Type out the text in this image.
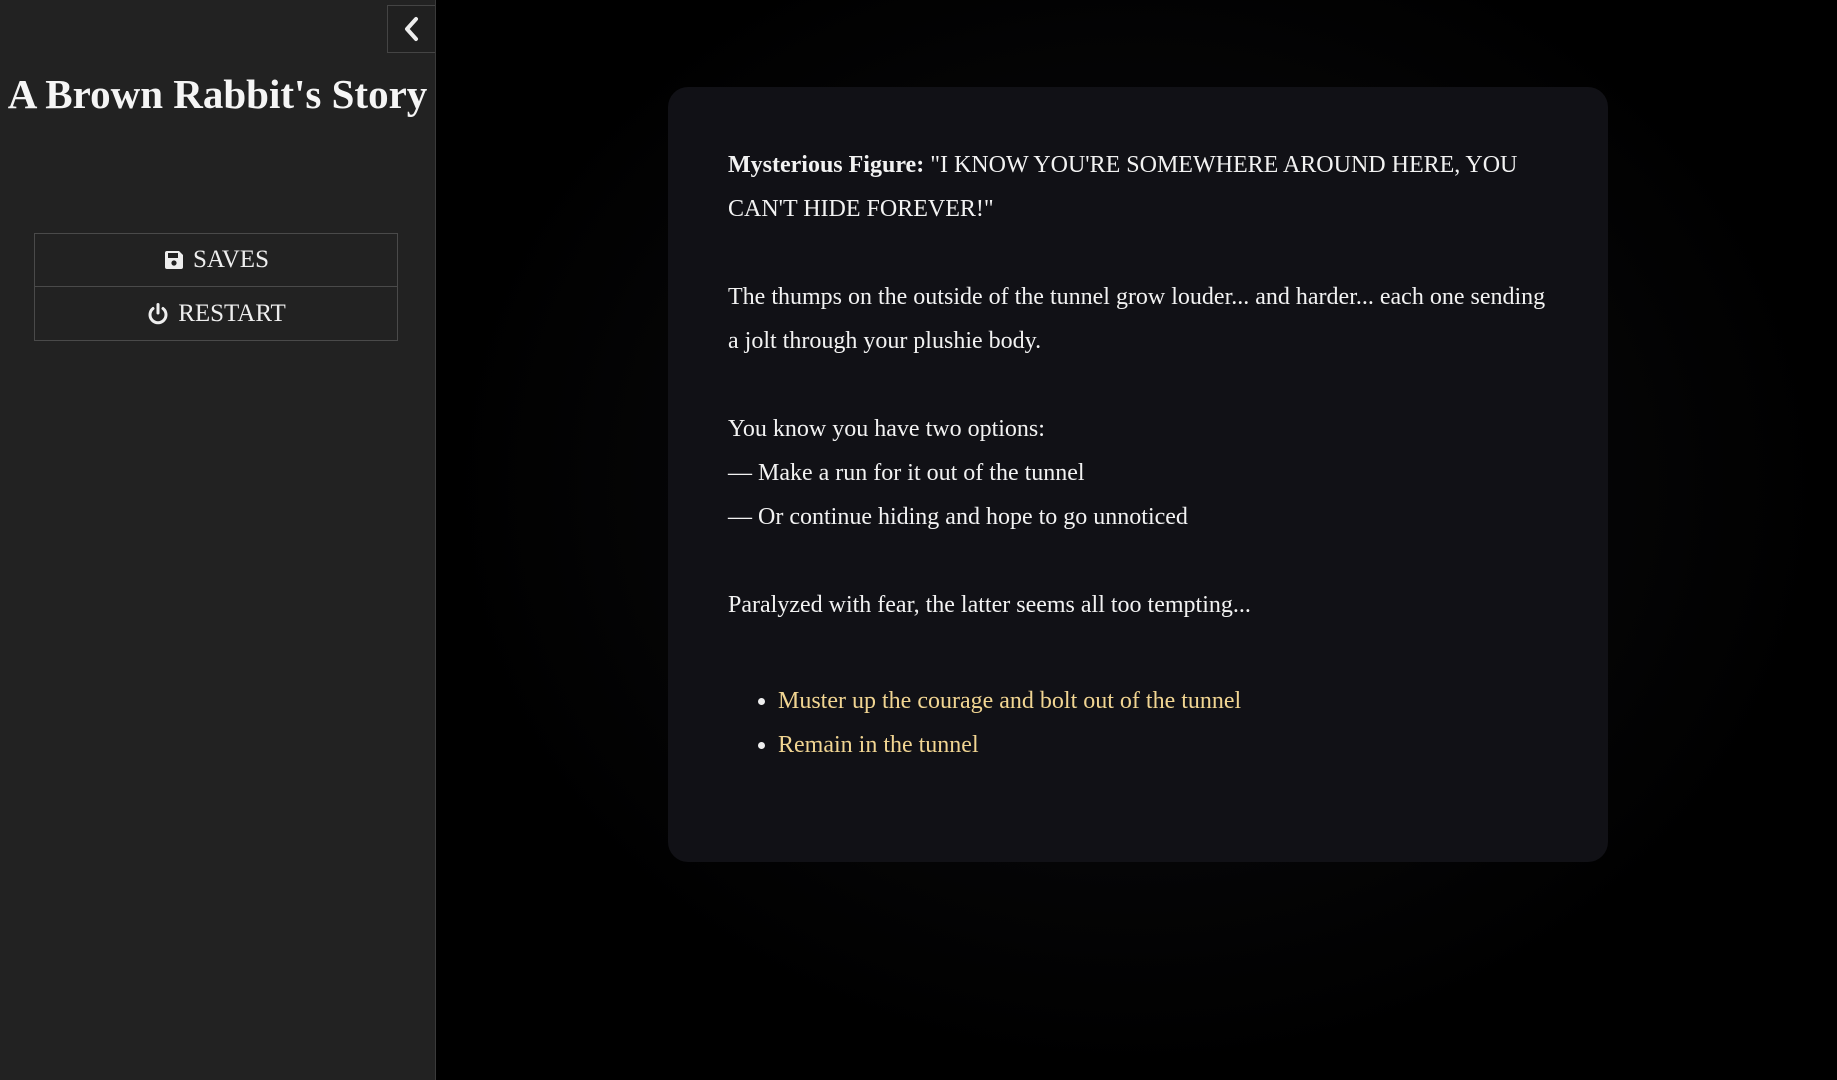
A Brown Rabbit's Story
SAVES
RESTART

Mysterious Figure: "I KNOW YOU'RE SOMEWHERE AROUND HERE, YOU CAN'T HIDE FOREVER!"

The thumps on the outside of the tunnel grow louder... and harder... each one sending a jolt through your plushie body.

You know you have two options:
— Make a run for it out of the tunnel
— Or continue hiding and hope to go unnoticed

Paralyzed with fear, the latter seems all too tempting...

• Muster up the courage and bolt out of the tunnel
• Remain in the tunnel
